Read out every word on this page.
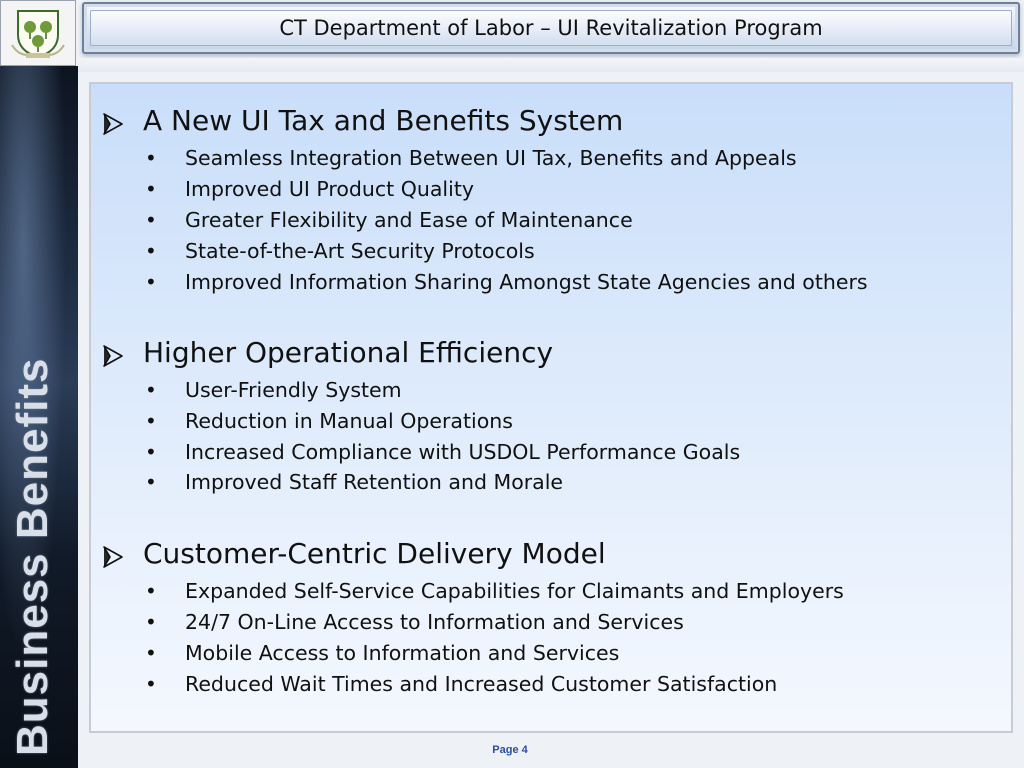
Business Benefits
CT Department of Labor – UI Revitalization Program
A New UI Tax and Benefits System
• Seamless Integration Between UI Tax, Benefits and Appeals
• Improved UI Product Quality
• Greater Flexibility and Ease of Maintenance
• State-of-the-Art Security Protocols
• Improved Information Sharing Amongst State Agencies and others
Higher Operational Efficiency
• User-Friendly System
• Reduction in Manual Operations
• Increased Compliance with USDOL Performance Goals
• Improved Staff Retention and Morale
Customer-Centric Delivery Model
• Expanded Self-Service Capabilities for Claimants and Employers
• 24/7 On-Line Access to Information and Services
• Mobile Access to Information and Services
• Reduced Wait Times and Increased Customer Satisfaction
Page 4
